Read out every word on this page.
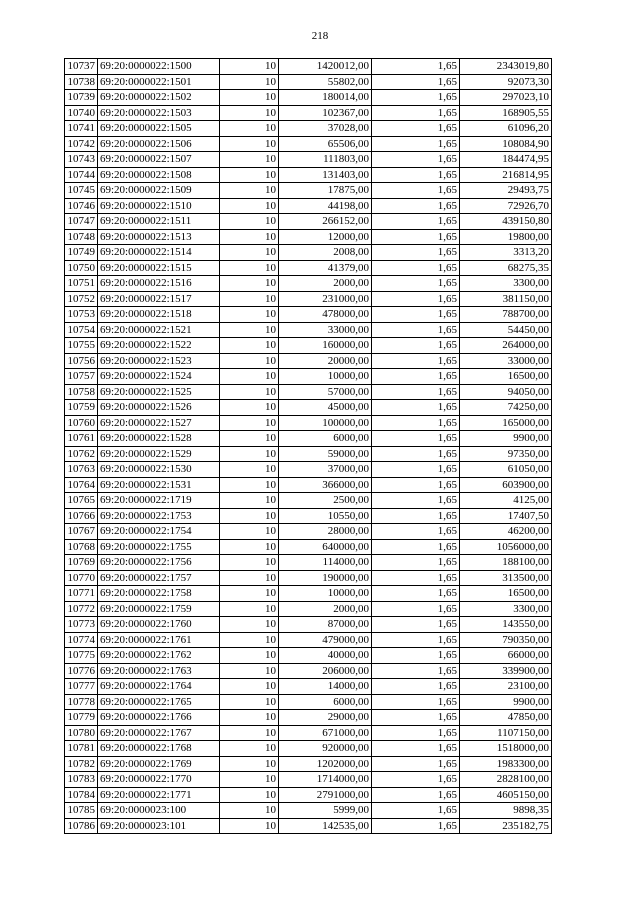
218
10737	69:20:0000022:1500	10	1420012,00	1,65	2343019,80
10738	69:20:0000022:1501	10	55802,00	1,65	92073,30
10739	69:20:0000022:1502	10	180014,00	1,65	297023,10
10740	69:20:0000022:1503	10	102367,00	1,65	168905,55
10741	69:20:0000022:1505	10	37028,00	1,65	61096,20
10742	69:20:0000022:1506	10	65506,00	1,65	108084,90
10743	69:20:0000022:1507	10	111803,00	1,65	184474,95
10744	69:20:0000022:1508	10	131403,00	1,65	216814,95
10745	69:20:0000022:1509	10	17875,00	1,65	29493,75
10746	69:20:0000022:1510	10	44198,00	1,65	72926,70
10747	69:20:0000022:1511	10	266152,00	1,65	439150,80
10748	69:20:0000022:1513	10	12000,00	1,65	19800,00
10749	69:20:0000022:1514	10	2008,00	1,65	3313,20
10750	69:20:0000022:1515	10	41379,00	1,65	68275,35
10751	69:20:0000022:1516	10	2000,00	1,65	3300,00
10752	69:20:0000022:1517	10	231000,00	1,65	381150,00
10753	69:20:0000022:1518	10	478000,00	1,65	788700,00
10754	69:20:0000022:1521	10	33000,00	1,65	54450,00
10755	69:20:0000022:1522	10	160000,00	1,65	264000,00
10756	69:20:0000022:1523	10	20000,00	1,65	33000,00
10757	69:20:0000022:1524	10	10000,00	1,65	16500,00
10758	69:20:0000022:1525	10	57000,00	1,65	94050,00
10759	69:20:0000022:1526	10	45000,00	1,65	74250,00
10760	69:20:0000022:1527	10	100000,00	1,65	165000,00
10761	69:20:0000022:1528	10	6000,00	1,65	9900,00
10762	69:20:0000022:1529	10	59000,00	1,65	97350,00
10763	69:20:0000022:1530	10	37000,00	1,65	61050,00
10764	69:20:0000022:1531	10	366000,00	1,65	603900,00
10765	69:20:0000022:1719	10	2500,00	1,65	4125,00
10766	69:20:0000022:1753	10	10550,00	1,65	17407,50
10767	69:20:0000022:1754	10	28000,00	1,65	46200,00
10768	69:20:0000022:1755	10	640000,00	1,65	1056000,00
10769	69:20:0000022:1756	10	114000,00	1,65	188100,00
10770	69:20:0000022:1757	10	190000,00	1,65	313500,00
10771	69:20:0000022:1758	10	10000,00	1,65	16500,00
10772	69:20:0000022:1759	10	2000,00	1,65	3300,00
10773	69:20:0000022:1760	10	87000,00	1,65	143550,00
10774	69:20:0000022:1761	10	479000,00	1,65	790350,00
10775	69:20:0000022:1762	10	40000,00	1,65	66000,00
10776	69:20:0000022:1763	10	206000,00	1,65	339900,00
10777	69:20:0000022:1764	10	14000,00	1,65	23100,00
10778	69:20:0000022:1765	10	6000,00	1,65	9900,00
10779	69:20:0000022:1766	10	29000,00	1,65	47850,00
10780	69:20:0000022:1767	10	671000,00	1,65	1107150,00
10781	69:20:0000022:1768	10	920000,00	1,65	1518000,00
10782	69:20:0000022:1769	10	1202000,00	1,65	1983300,00
10783	69:20:0000022:1770	10	1714000,00	1,65	2828100,00
10784	69:20:0000022:1771	10	2791000,00	1,65	4605150,00
10785	69:20:0000023:100	10	5999,00	1,65	9898,35
10786	69:20:0000023:101	10	142535,00	1,65	235182,75
